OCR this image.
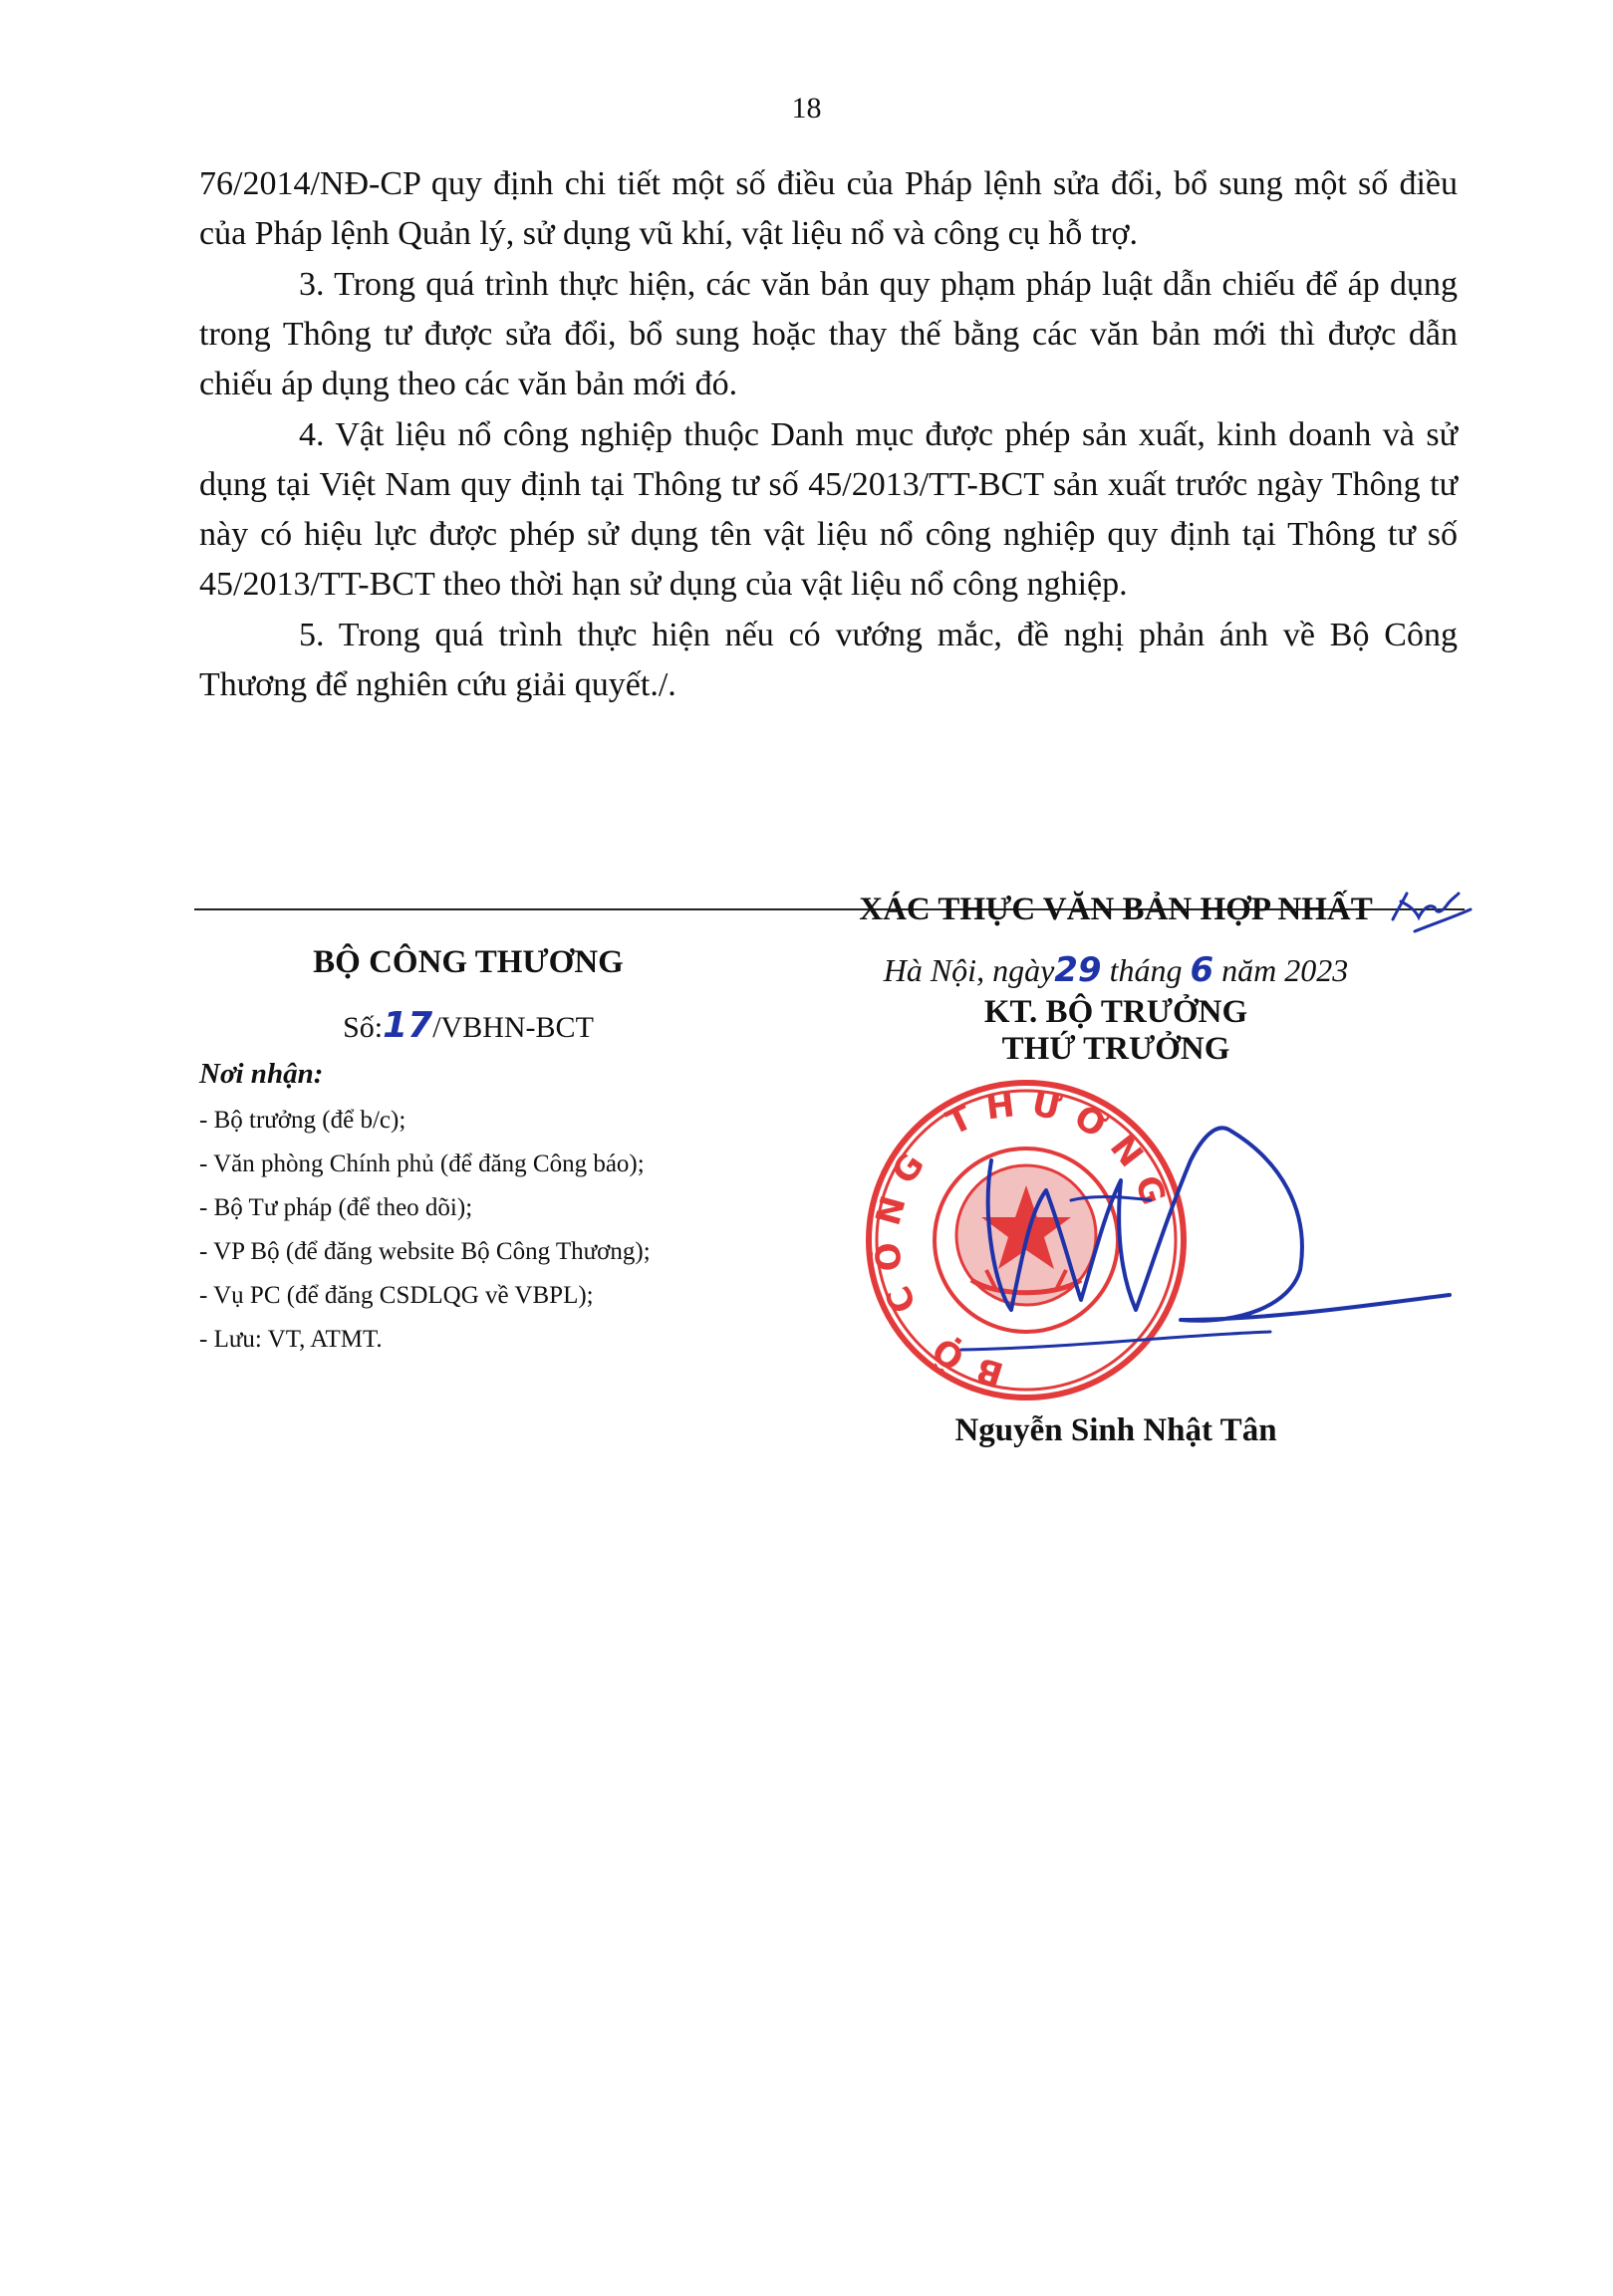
18

76/2014/NĐ-CP quy định chi tiết một số điều của Pháp lệnh sửa đổi, bổ sung một số điều của Pháp lệnh Quản lý, sử dụng vũ khí, vật liệu nổ và công cụ hỗ trợ.

3. Trong quá trình thực hiện, các văn bản quy phạm pháp luật dẫn chiếu để áp dụng trong Thông tư được sửa đổi, bổ sung hoặc thay thế bằng các văn bản mới thì được dẫn chiếu áp dụng theo các văn bản mới đó.

4. Vật liệu nổ công nghiệp thuộc Danh mục được phép sản xuất, kinh doanh và sử dụng tại Việt Nam quy định tại Thông tư số 45/2013/TT-BCT sản xuất trước ngày Thông tư này có hiệu lực được phép sử dụng tên vật liệu nổ công nghiệp quy định tại Thông tư số 45/2013/TT-BCT theo thời hạn sử dụng của vật liệu nổ công nghiệp.

5. Trong quá trình thực hiện nếu có vướng mắc, đề nghị phản ánh về Bộ Công Thương để nghiên cứu giải quyết./.

BỘ CÔNG THƯƠNG
Số:17/VBHN-BCT
Nơi nhận:
- Bộ trưởng (để b/c);
- Văn phòng Chính phủ (để đăng Công báo);
- Bộ Tư pháp (để theo dõi);
- VP Bộ (để đăng website Bộ Công Thương);
- Vụ PC (để đăng CSDLQG về VBPL);
- Lưu: VT, ATMT.
XÁC THỰC VĂN BẢN HỢP NHẤT
Hà Nội, ngày29 tháng 6 năm 2023
KT. BỘ TRƯỞNG
THỨ TRƯỞNG
BỘ CÔNG THƯƠNG
Nguyễn Sinh Nhật Tân
